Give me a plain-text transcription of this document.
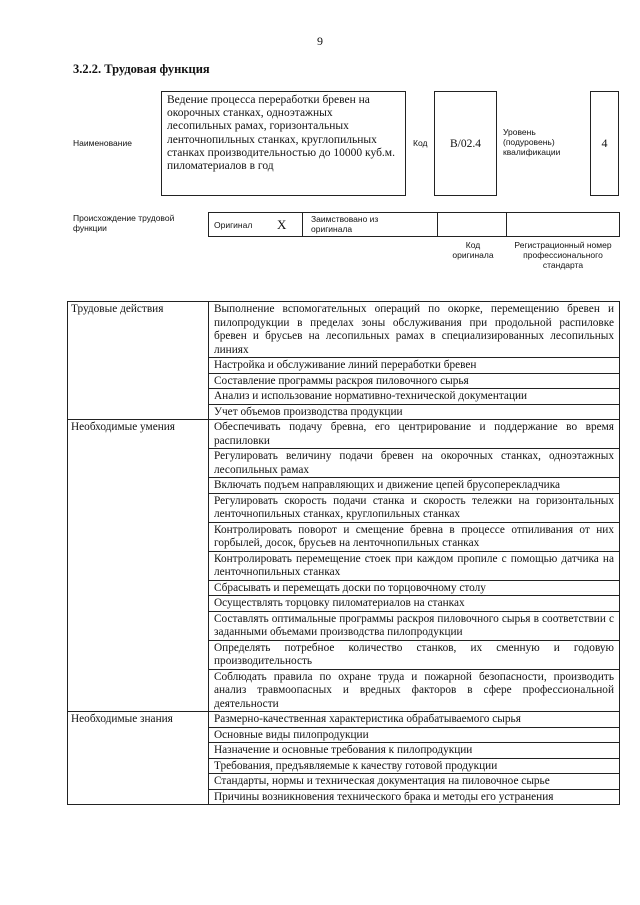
9
3.2.2. Трудовая функция
Наименование
Ведение процесса переработки бревен на окорочных станках, одноэтажных лесопильных рамах, горизонтальных ленточнопильных станках, круглопильных станках производительностью до 10000 куб.м. пиломатериалов в год
Код В/02.4
Уровень (подуровень) квалификации
4
Происхождение трудовой функции	Оригинал X	Заимствовано из оригинала
Код оригинала
Регистрационный номер профессионального стандарта
Трудовые действия	Выполнение вспомогательных операций по окорке, перемещению бревен и пилопродукции в пределах зоны обслуживания при продольной распиловке бревен и брусьев на лесопильных рамах в специализированных лесопильных линиях
	Настройка и обслуживание линий переработки бревен
	Составление программы раскроя пиловочного сырья
	Анализ и использование нормативно-технической документации
	Учет объемов производства продукции
Необходимые умения	Обеспечивать подачу бревна, его центрирование и поддержание во время распиловки
	Регулировать величину подачи бревен на окорочных станках, одноэтажных лесопильных рамах
	Включать подъем направляющих и движение цепей брусоперекладчика
	Регулировать скорость подачи станка и скорость тележки на горизонтальных ленточнопильных станках, круглопильных станках
	Контролировать поворот и смещение бревна в процессе отпиливания от них горбылей, досок, брусьев на ленточнопильных станках
	Контролировать перемещение стоек при каждом пропиле с помощью датчика на ленточнопильных станках
	Сбрасывать и перемещать доски по торцовочному столу
	Осуществлять торцовку пиломатериалов на станках
	Составлять оптимальные программы раскроя пиловочного сырья в соответствии с заданными объемами производства пилопродукции
	Определять потребное количество станков, их сменную и годовую производительность
	Соблюдать правила по охране труда и пожарной безопасности, производить анализ травмоопасных и вредных факторов в сфере профессиональной деятельности
Необходимые знания	Размерно-качественная характеристика обрабатываемого сырья
	Основные виды пилопродукции
	Назначение и основные требования к пилопродукции
	Требования, предъявляемые к качеству готовой продукции
	Стандарты, нормы и техническая документация на пиловочное сырье
	Причины возникновения технического брака и методы его устранения
